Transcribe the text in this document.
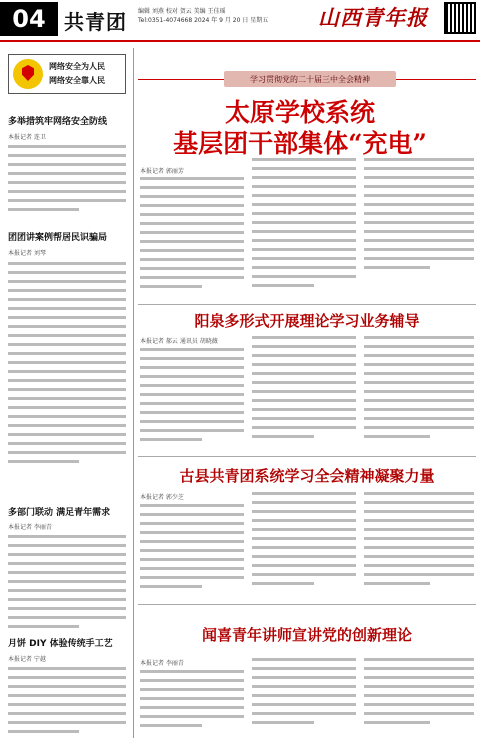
04 共青团 编辑 刘燕 校对 贺云 美编 王佳瑶
Tel:0351-4074668 2024 年 9 月 20 日 星期五 山西青年报
网络安全为人民
网络安全靠人民
多举措筑牢网络安全防线
本报记者 连卫
团团讲案例帮居民识骗局
本报记者 刘琴
多部门联动 满足青年需求
本报记者 李丽青
月饼 DIY 体验传统手工艺
本报记者 宁越
学习贯彻党的二十届三中全会精神
太原学校系统
基层团干部集体“充电”
本报记者 郭丽芳
阳泉多形式开展理论学习业务辅导
本报记者 郝云 通讯员 胡晓薇
古县共青团系统学习全会精神凝聚力量
本报记者 郭少芝
闻喜青年讲师宣讲党的创新理论
本报记者 李丽青
